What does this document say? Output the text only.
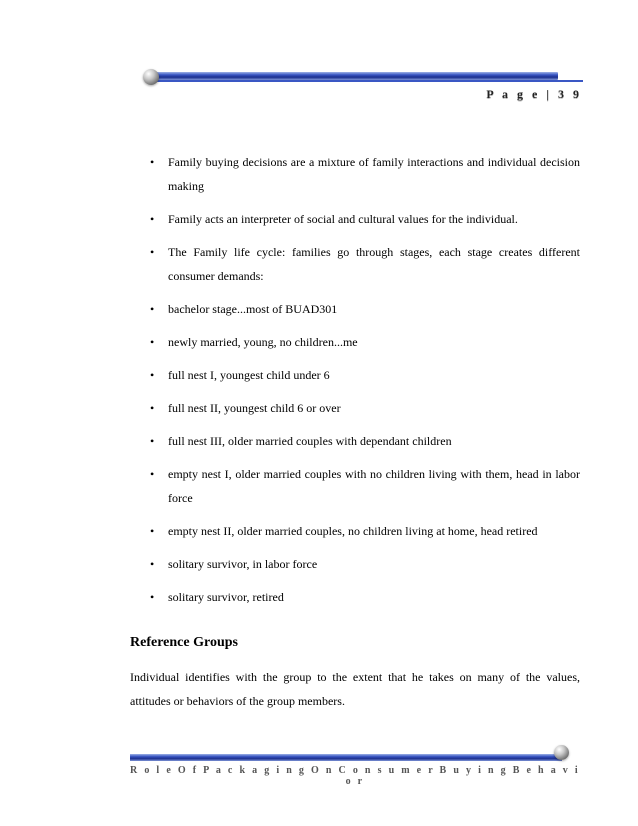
P a g e | 3 9
• Family buying decisions are a mixture of family interactions and individual decision making
• Family acts an interpreter of social and cultural values for the individual.
• The Family life cycle: families go through stages, each stage creates different consumer demands:
• bachelor stage...most of BUAD301
• newly married, young, no children...me
• full nest I, youngest child under 6
• full nest II, youngest child 6 or over
• full nest III, older married couples with dependant children
• empty nest I, older married couples with no children living with them, head in labor force
• empty nest II, older married couples, no children living at home, head retired
• solitary survivor, in labor force
• solitary survivor, retired
Reference Groups

Individual identifies with the group to the extent that he takes on many of the values, attitudes or behaviors of the group members.

R o l e O f P a c k a g i n g O n C o n s u m e r B u y i n g B e h a v i o r
